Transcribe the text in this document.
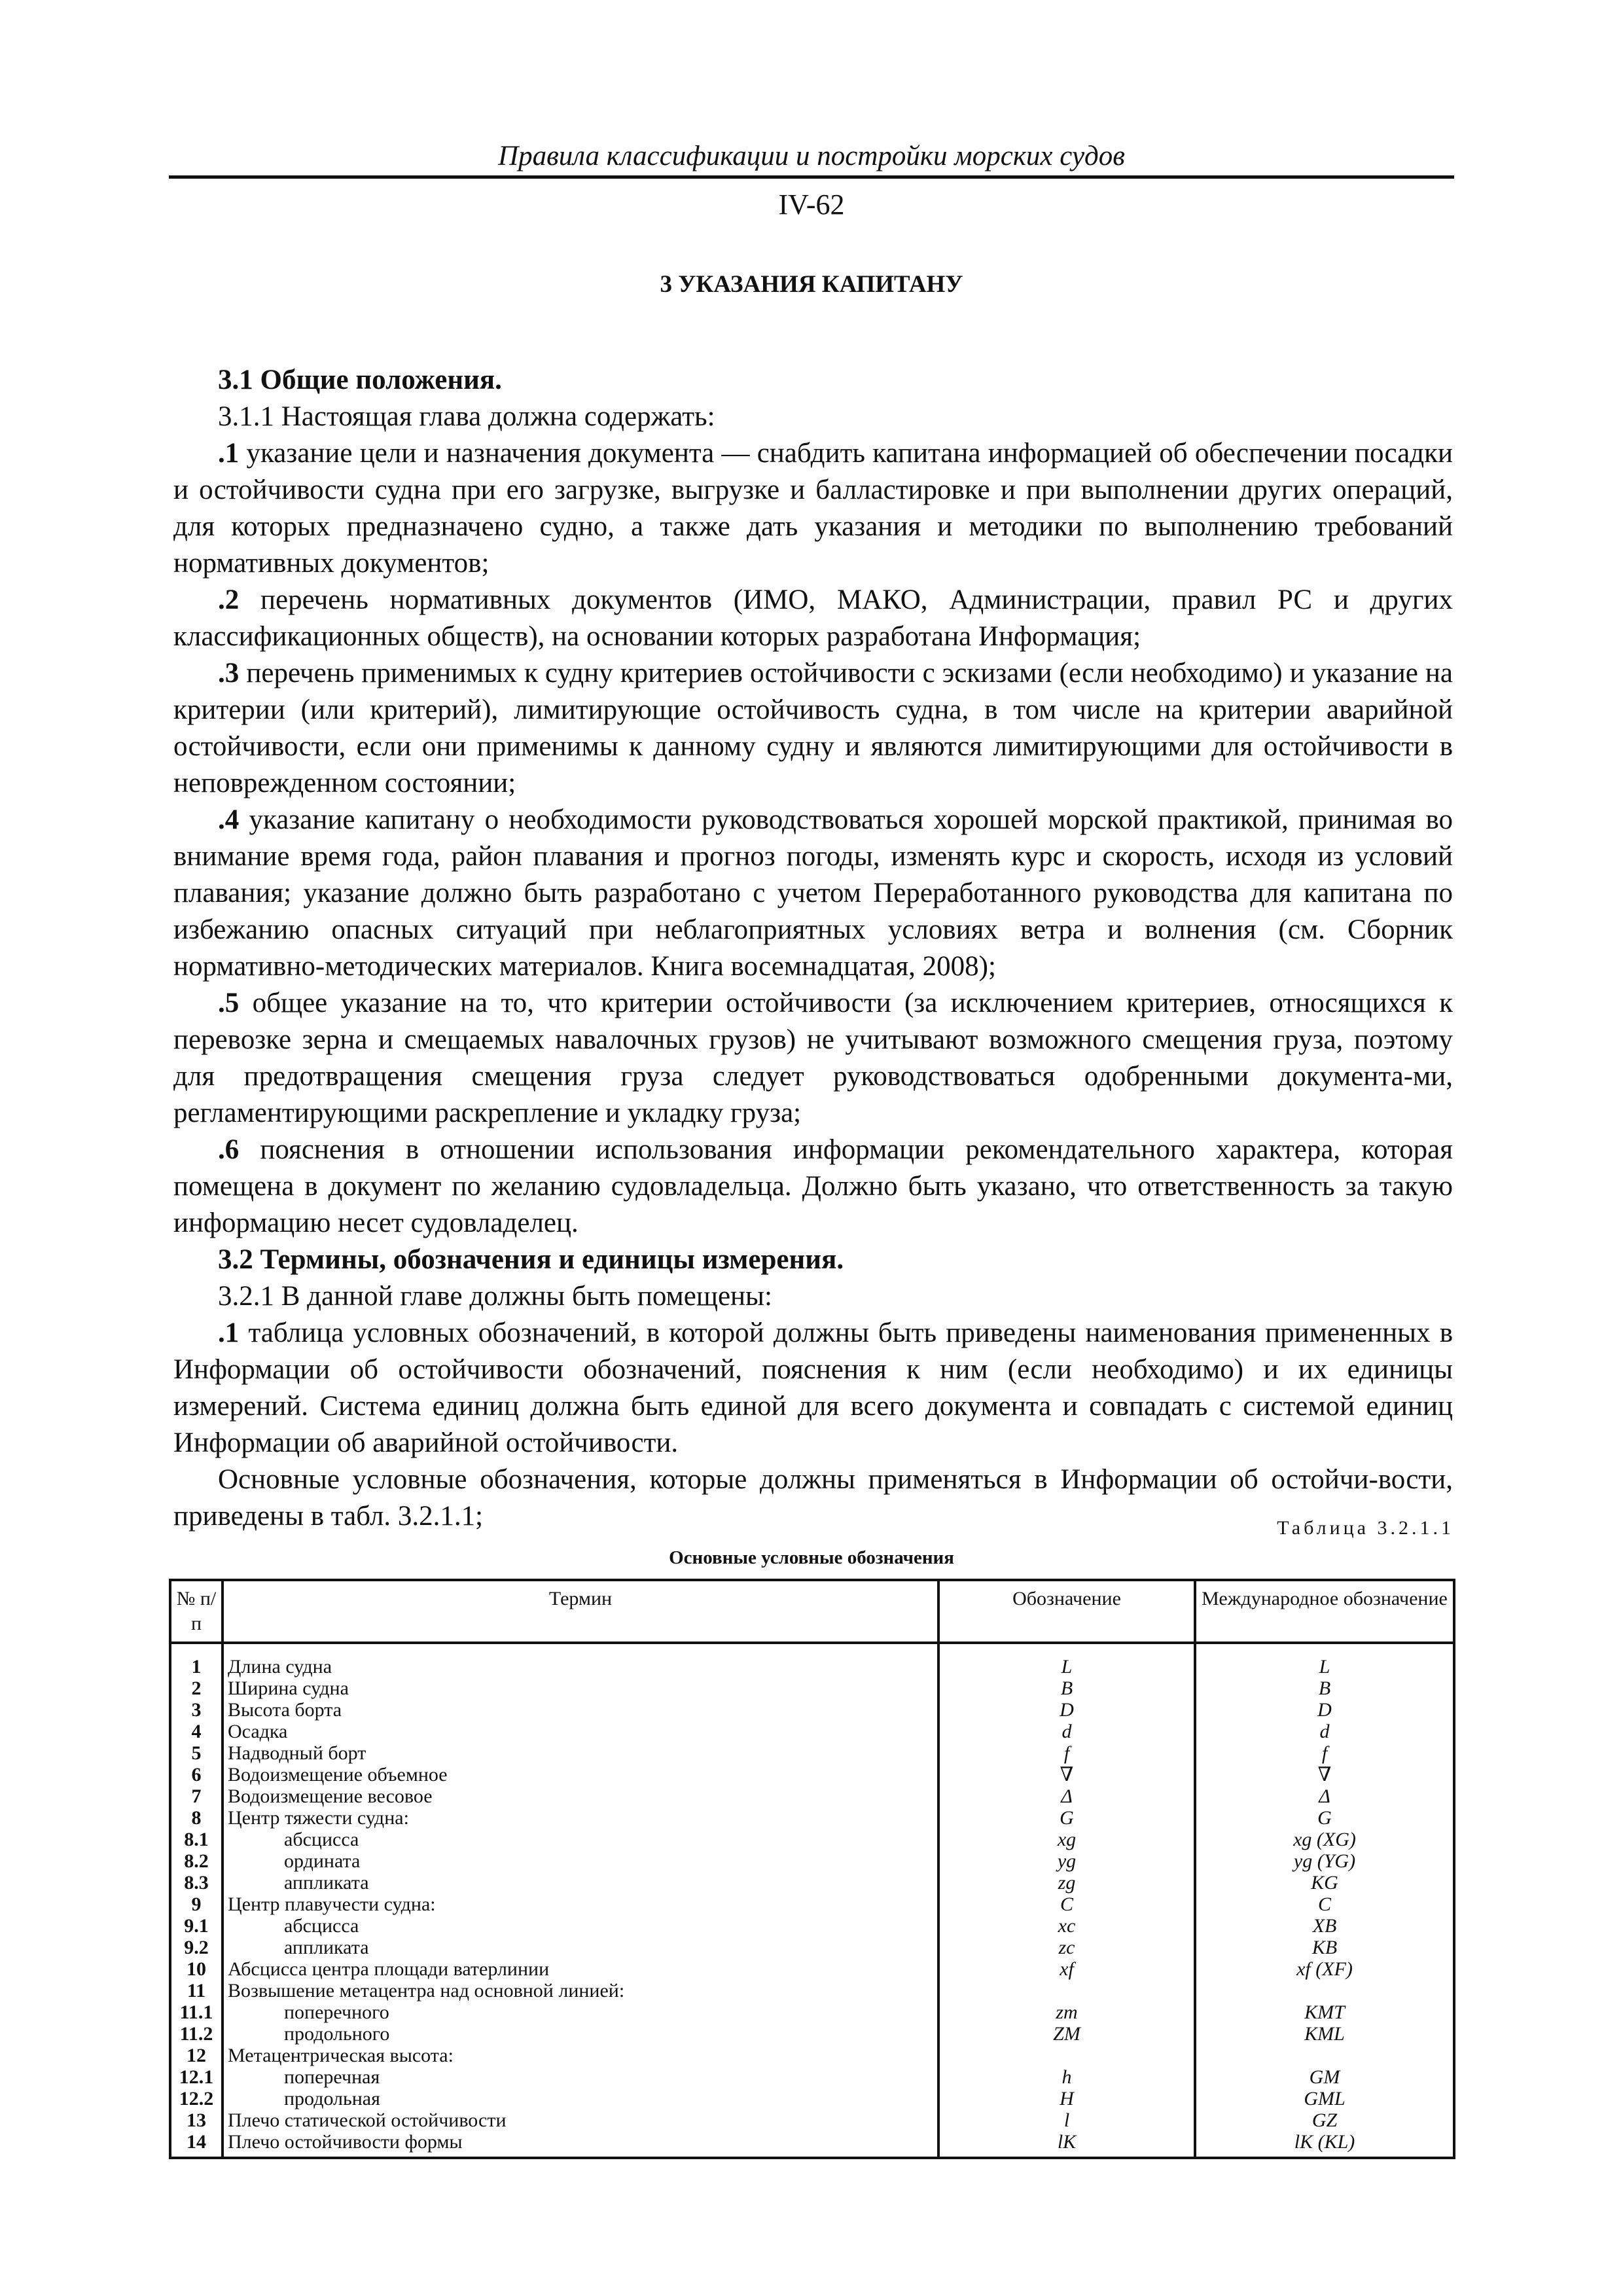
Правила классификации и постройки морских судов
IV-62
3 УКАЗАНИЯ КАПИТАНУ

3.1 Общие положения.

3.1.1 Настоящая глава должна содержать:

.1 указание цели и назначения документа — снабдить капитана информацией об обеспечении посадки и остойчивости судна при его загрузке, выгрузке и балластировке и при выполнении других операций, для которых предназначено судно, а также дать указания и методики по выполнению требований нормативных документов;

.2 перечень нормативных документов (ИМО, МАКО, Администрации, правил РС и других классификационных обществ), на основании которых разработана Информация;

.3 перечень применимых к судну критериев остойчивости с эскизами (если необходимо) и указание на критерии (или критерий), лимитирующие остойчивость судна, в том числе на критерии аварийной остойчивости, если они применимы к данному судну и являются лимитирующими для остойчивости в неповрежденном состоянии;

.4 указание капитану о необходимости руководствоваться хорошей морской практикой, принимая во внимание время года, район плавания и прогноз погоды, изменять курс и скорость, исходя из условий плавания; указание должно быть разработано с учетом Переработанного руководства для капитана по избежанию опасных ситуаций при неблагоприятных условиях ветра и волнения (см. Сборник нормативно-методических материалов. Книга восемнадцатая, 2008);

.5 общее указание на то, что критерии остойчивости (за исключением критериев, относящихся к перевозке зерна и смещаемых навалочных грузов) не учитывают возможного смещения груза, поэтому для предотвращения смещения груза следует руководствоваться одобренными документа-ми, регламентирующими раскрепление и укладку груза;

.6 пояснения в отношении использования информации рекомендательного характера, которая помещена в документ по желанию судовладельца. Должно быть указано, что ответственность за такую информацию несет судовладелец.

3.2 Термины, обозначения и единицы измерения.

3.2.1 В данной главе должны быть помещены:

.1 таблица условных обозначений, в которой должны быть приведены наименования примененных в Информации об остойчивости обозначений, пояснения к ним (если необходимо) и их единицы измерений. Система единиц должна быть единой для всего документа и совпадать с системой единиц Информации об аварийной остойчивости.

Основные условные обозначения, которые должны применяться в Информации об остойчи-вости, приведены в табл. 3.2.1.1;	Таблица 3.2.1.1
Основные условные обозначения
№ п/п	Термин	Обозначение	Международное обозначение
1	Длина судна	L	L
2	Ширина судна	B	B
3	Высота борта	D	D
4	Осадка	d	d
5	Надводный борт	f	f
6	Водоизмещение объемное	∇	∇
7	Водоизмещение весовое	Δ	Δ
8	Центр тяжести судна:	G	G
8.1	абсцисса	xg	xg (XG)
8.2	ордината	yg	yg (YG)
8.3	аппликата	zg	KG
9	Центр плавучести судна:	C	C
9.1	абсцисса	xc	XB
9.2	аппликата	zc	KB
10	Абсцисса центра площади ватерлинии	xf	xf (XF)
11	Возвышение метацентра над основной линией:		
11.1	поперечного	zm	KMT
11.2	продольного	ZM	KML
12	Метацентрическая высота:		
12.1	поперечная	h	GM
12.2	продольная	H	GML
13	Плечо статической остойчивости	l	GZ
14	Плечо остойчивости формы	lK	lK (KL)
